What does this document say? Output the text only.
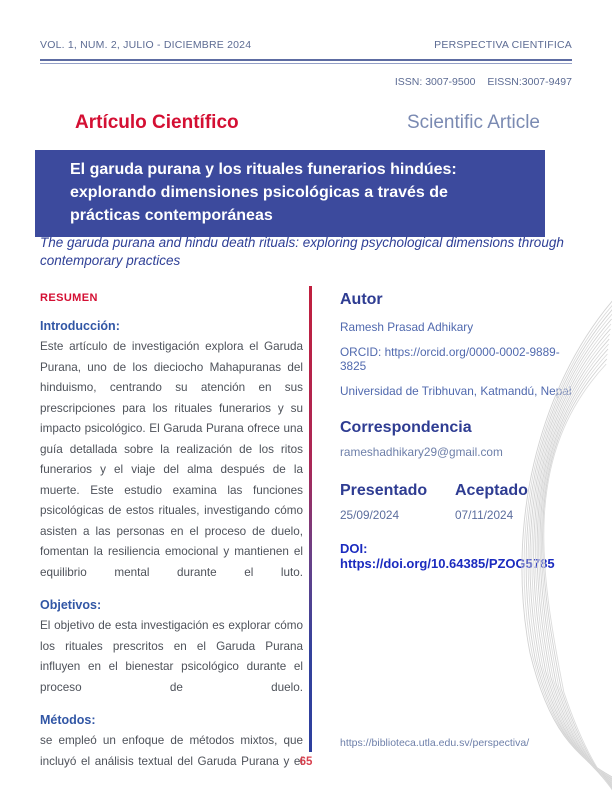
VOL. 1, NUM. 2, JULIO - DICIEMBRE 2024	PERSPECTIVA CIENTIFICA
ISSN: 3007-9500 EISSN:3007-9497
Artículo Científico	Scientific Article
El garuda purana y los rituales funerarios hindúes: explorando dimensiones psicológicas a través de prácticas contemporáneas
The garuda purana and hindu death rituals: exploring psychological dimensions through contemporary practices
RESUMEN
Introducción:
Este artículo de investigación explora el Garuda Purana, uno de los dieciocho Mahapuranas del hinduismo, centrando su atención en sus prescripciones para los rituales funerarios y su impacto psicológico. El Garuda Purana ofrece una guía detallada sobre la realización de los ritos funerarios y el viaje del alma después de la muerte. Este estudio examina las funciones psicológicas de estos rituales, investigando cómo asisten a las personas en el proceso de duelo, fomentan la resiliencia emocional y mantienen el equilibrio mental durante el luto.
Objetivos:
El objetivo de esta investigación es explorar cómo los rituales prescritos en el Garuda Purana influyen en el bienestar psicológico durante el proceso de duelo.
Métodos:
se empleó un enfoque de métodos mixtos, que incluyó el análisis textual del Garuda Purana y el
Autor
Ramesh Prasad Adhikary
ORCID: https://orcid.org/0000-0002-9889-3825
Universidad de Tribhuvan, Katmandú, Nepal
Correspondencia
rameshadhikary29@gmail.com
Presentado
25/09/2024
Aceptado
07/11/2024
DOI: https://doi.org/10.64385/PZOG5785
https://biblioteca.utla.edu.sv/perspectiva/
65
